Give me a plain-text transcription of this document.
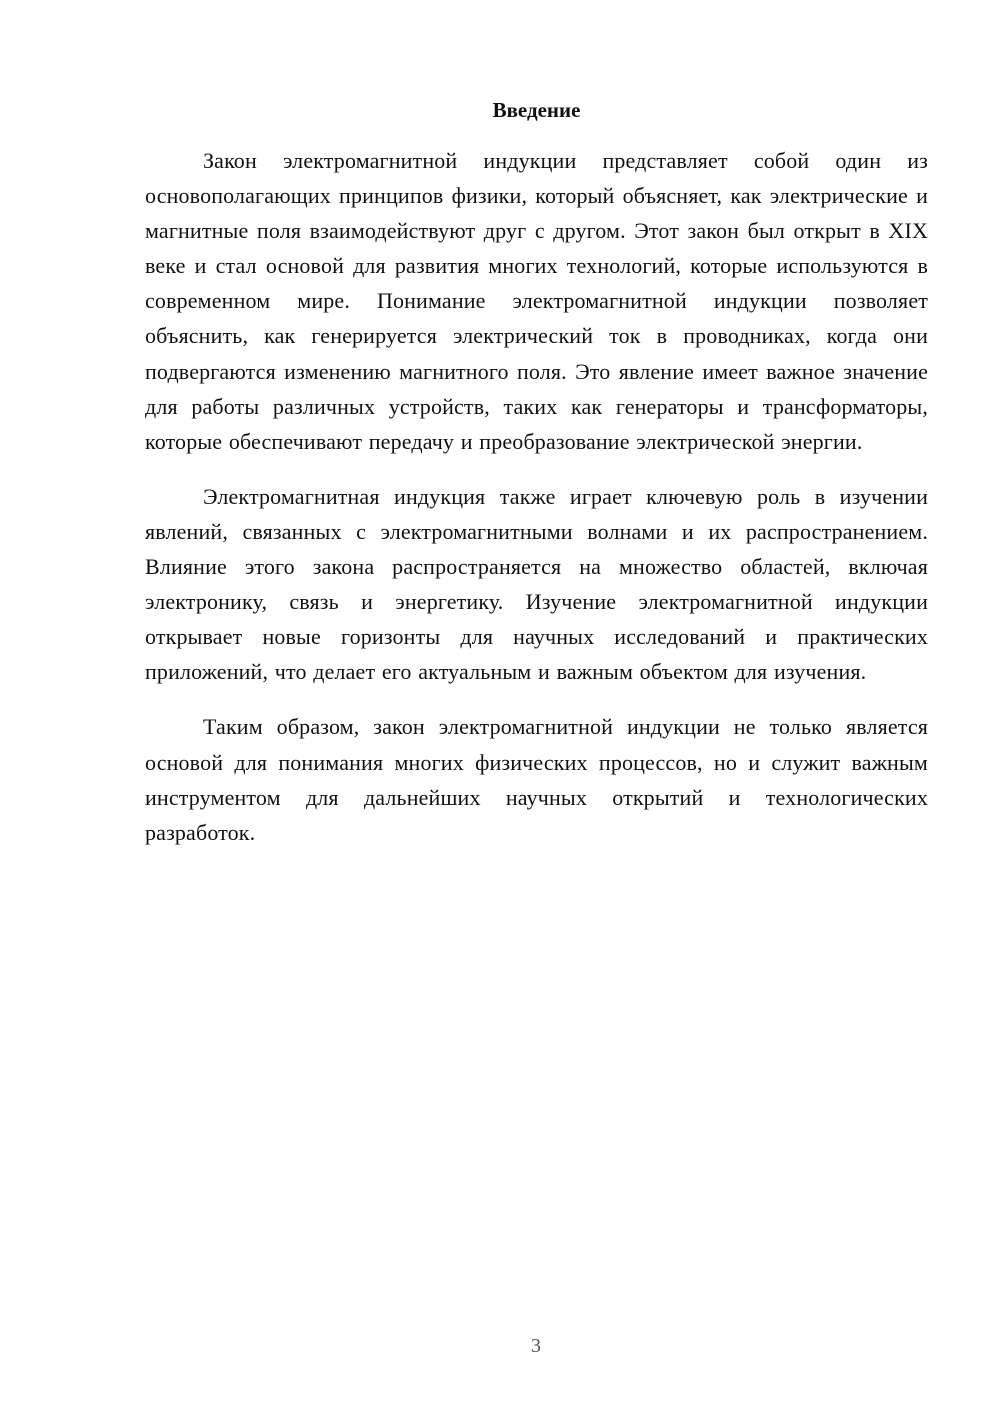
Введение

Закон электромагнитной индукции представляет собой один из основополагающих принципов физики, который объясняет, как электрические и магнитные поля взаимодействуют друг с другом. Этот закон был открыт в XIX веке и стал основой для развития многих технологий, которые используются в современном мире. Понимание электромагнитной индукции позволяет объяснить, как генерируется электрический ток в проводниках, когда они подвергаются изменению магнитного поля. Это явление имеет важное значение для работы различных устройств, таких как генераторы и трансформаторы, которые обеспечивают передачу и преобразование электрической энергии.

Электромагнитная индукция также играет ключевую роль в изучении явлений, связанных с электромагнитными волнами и их распространением. Влияние этого закона распространяется на множество областей, включая электронику, связь и энергетику. Изучение электромагнитной индукции открывает новые горизонты для научных исследований и практических приложений, что делает его актуальным и важным объектом для изучения.

Таким образом, закон электромагнитной индукции не только является основой для понимания многих физических процессов, но и служит важным инструментом для дальнейших научных открытий и технологических разработок.

3
